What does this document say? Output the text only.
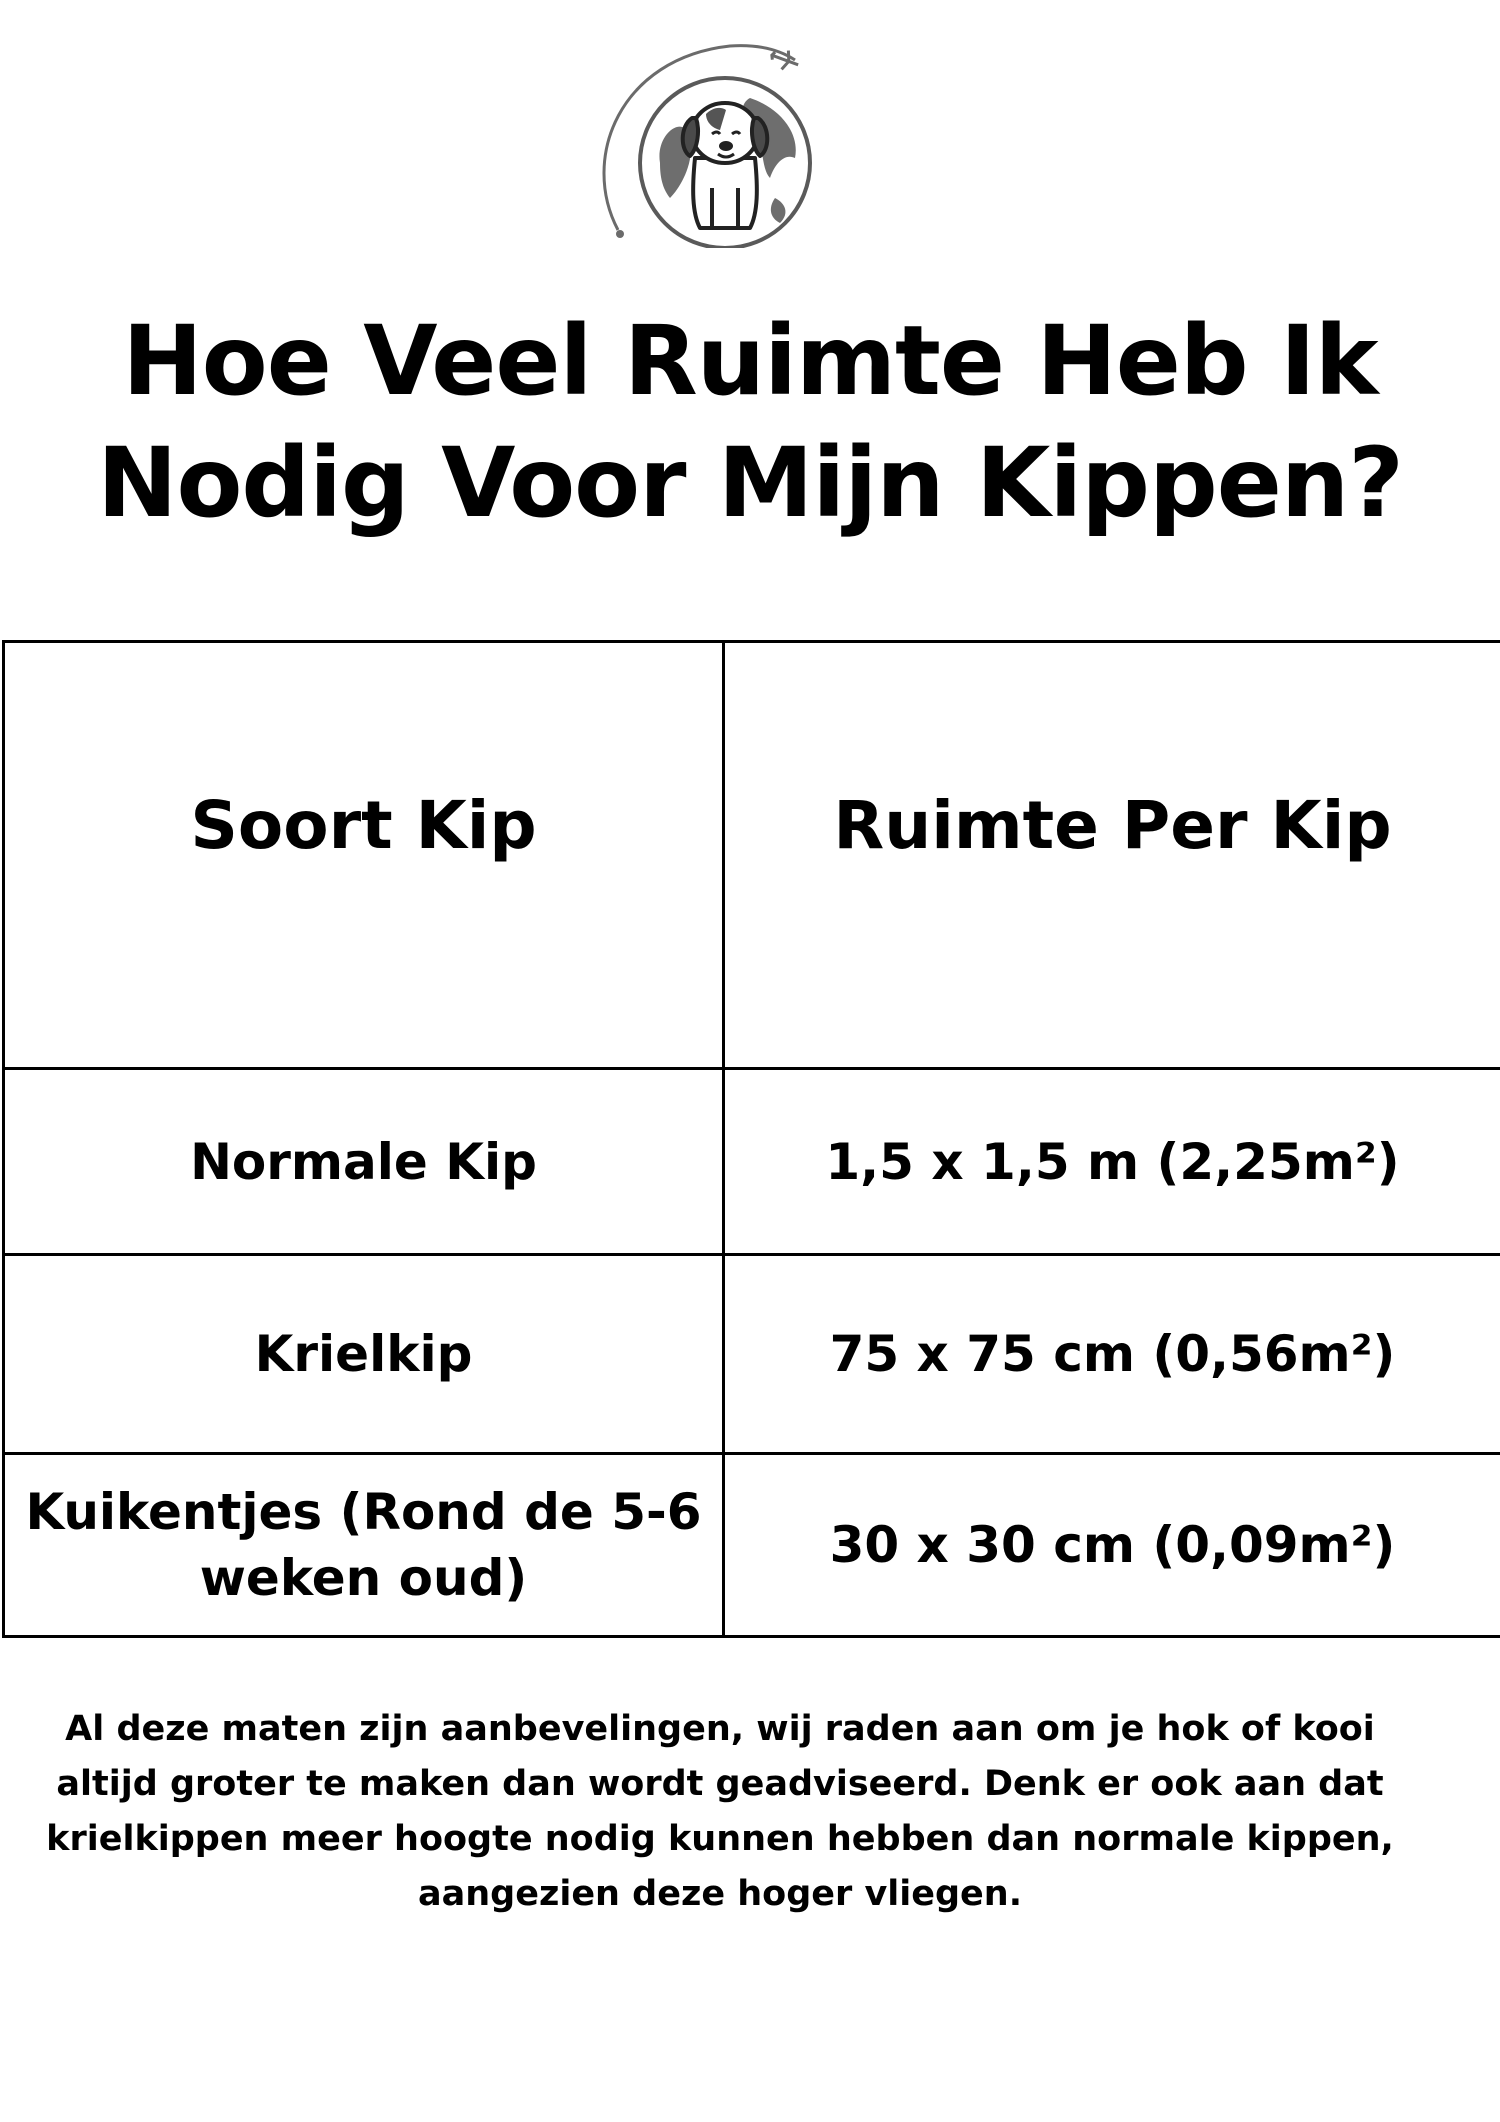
Hoe Veel Ruimte Heb Ik
Nodig Voor Mijn Kippen?
Soort Kip	Ruimte Per Kip
Normale Kip	1,5 x 1,5 m (2,25m²)
Krielkip	75 x 75 cm (0,56m²)
Kuikentjes (Rond de 5-6 weken oud)	30 x 30 cm (0,09m²)

Al deze maten zijn aanbevelingen, wij raden aan om je hok of kooi altijd groter te maken dan wordt geadviseerd. Denk er ook aan dat krielkippen meer hoogte nodig kunnen hebben dan normale kippen, aangezien deze hoger vliegen.
